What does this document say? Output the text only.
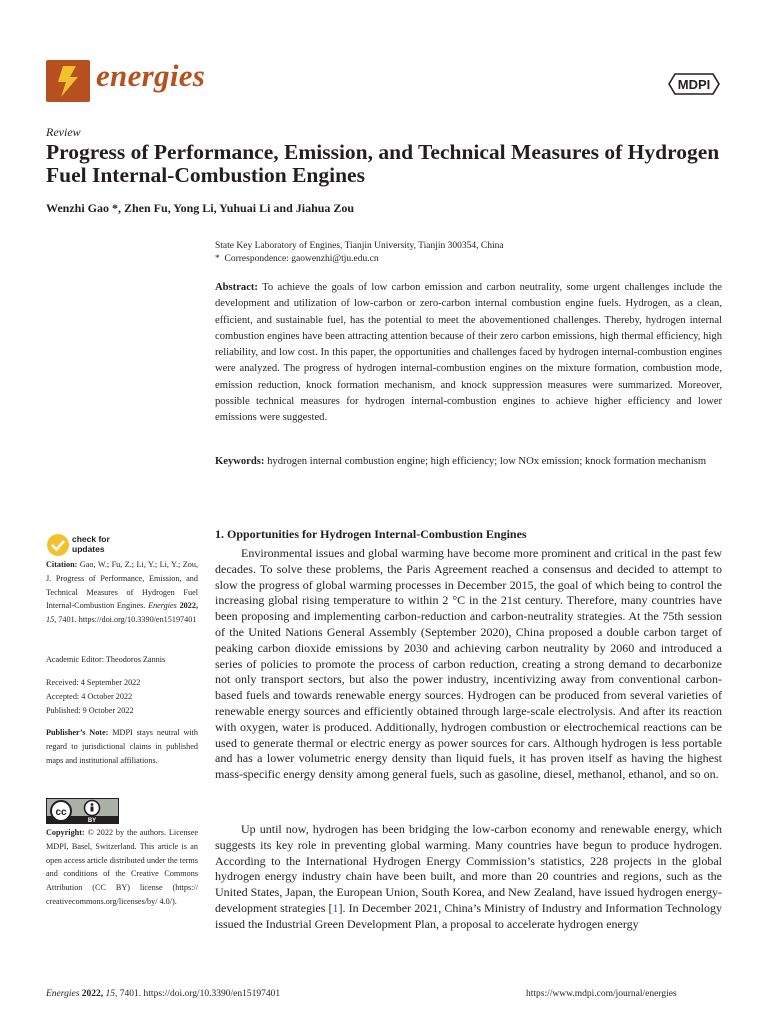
energies	MDPI
Review
Progress of Performance, Emission, and Technical Measures of Hydrogen Fuel Internal-Combustion Engines
Wenzhi Gao *, Zhen Fu, Yong Li, Yuhuai Li and Jiahua Zou
State Key Laboratory of Engines, Tianjin University, Tianjin 300354, China
* Correspondence: gaowenzhi@tju.edu.cn
Abstract: To achieve the goals of low carbon emission and carbon neutrality, some urgent challenges include the development and utilization of low-carbon or zero-carbon internal combustion engine fuels. Hydrogen, as a clean, efficient, and sustainable fuel, has the potential to meet the abovementioned challenges. Thereby, hydrogen internal combustion engines have been attracting attention because of their zero carbon emissions, high thermal efficiency, high reliability, and low cost. In this paper, the opportunities and challenges faced by hydrogen internal-combustion engines were analyzed. The progress of hydrogen internal-combustion engines on the mixture formation, combustion mode, emission reduction, knock formation mechanism, and knock suppression measures were summarized. Moreover, possible technical measures for hydrogen internal-combustion engines to achieve higher efficiency and lower emissions were suggested.
Keywords: hydrogen internal combustion engine; high efficiency; low NOx emission; knock formation mechanism
check for
updates
Citation: Gao, W.; Fu, Z.; Li, Y.; Li, Y.; Zou, J. Progress of Performance, Emission, and Technical Measures of Hydrogen Fuel Internal-Combustion Engines. Energies 2022, 15, 7401. https://doi.org/10.3390/en15197401
Academic Editor: Theodoros Zannis
Received: 4 September 2022
Accepted: 4 October 2022
Published: 9 October 2022
Publisher’s Note: MDPI stays neutral with regard to jurisdictional claims in published maps and institutional affiliations.
cc
BY
Copyright: © 2022 by the authors. Licensee MDPI, Basel, Switzerland. This article is an open access article distributed under the terms and conditions of the Creative Commons Attribution (CC BY) license (https:// creativecommons.org/licenses/by/ 4.0/).
1. Opportunities for Hydrogen Internal-Combustion Engines
Environmental issues and global warming have become more prominent and critical in the past few decades. To solve these problems, the Paris Agreement reached a consensus and decided to attempt to slow the progress of global warming processes in December 2015, the goal of which being to control the increasing global rising temperature to within 2 °C in the 21st century. Therefore, many countries have been proposing and implementing carbon-reduction and carbon-neutrality strategies. At the 75th session of the United Nations General Assembly (September 2020), China proposed a double carbon target of peaking carbon dioxide emissions by 2030 and achieving carbon neutrality by 2060 and introduced a series of policies to promote the process of carbon reduction, creating a strong demand to decarbonize not only transport sectors, but also the power industry, incentivizing away from conventional carbon-based fuels and towards renewable energy sources. Hydrogen can be produced from several varieties of renewable energy sources and efficiently obtained through large-scale electrolysis. And after its reaction with oxygen, water is produced. Additionally, hydrogen combustion or electrochemical reactions can be used to generate thermal or electric energy as power sources for cars. Although hydrogen is less portable and has a lower volumetric energy density than liquid fuels, it has proven itself as having the highest mass-specific energy density among general fuels, such as gasoline, diesel, methanol, ethanol, and so on.
Up until now, hydrogen has been bridging the low-carbon economy and renewable energy, which suggests its key role in preventing global warming. Many countries have begun to produce hydrogen. According to the International Hydrogen Energy Commission’s statistics, 228 projects in the global hydrogen energy industry chain have been built, and more than 20 countries and regions, such as the United States, Japan, the European Union, South Korea, and New Zealand, have issued hydrogen energy-development strategies [1]. In December 2021, China’s Ministry of Industry and Information Technology issued the Industrial Green Development Plan, a proposal to accelerate hydrogen energy
Energies 2022, 15, 7401. https://doi.org/10.3390/en15197401	https://www.mdpi.com/journal/energies
